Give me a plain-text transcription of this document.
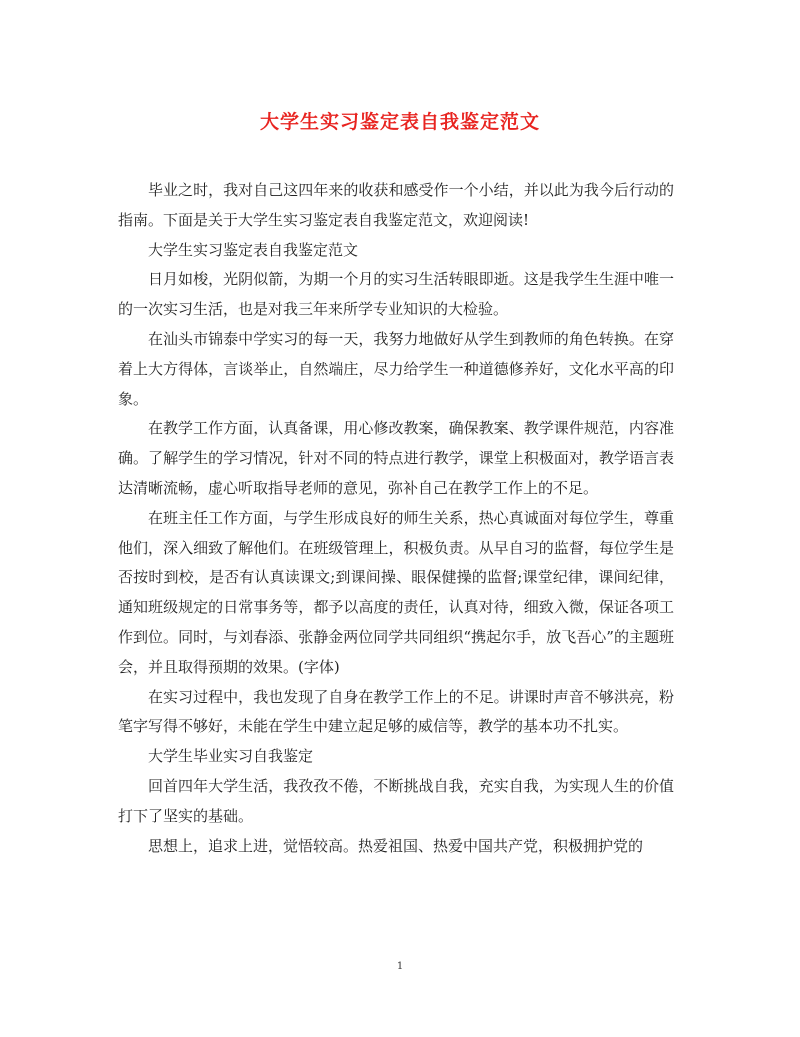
大学生实习鉴定表自我鉴定范文

毕业之时，我对自己这四年来的收获和感受作一个小结，并以此为我今后行动的指南。下面是关于大学生实习鉴定表自我鉴定范文，欢迎阅读!

大学生实习鉴定表自我鉴定范文

日月如梭，光阴似箭，为期一个月的实习生活转眼即逝。这是我学生生涯中唯一的一次实习生活，也是对我三年来所学专业知识的大检验。

在汕头市锦泰中学实习的每一天，我努力地做好从学生到教师的角色转换。在穿着上大方得体，言谈举止，自然端庄，尽力给学生一种道德修养好，文化水平高的印象。

在教学工作方面，认真备课，用心修改教案，确保教案、教学课件规范，内容准确。了解学生的学习情况，针对不同的特点进行教学，课堂上积极面对，教学语言表达清晰流畅，虚心听取指导老师的意见，弥补自己在教学工作上的不足。

在班主任工作方面，与学生形成良好的师生关系，热心真诚面对每位学生，尊重他们，深入细致了解他们。在班级管理上，积极负责。从早自习的监督，每位学生是否按时到校，是否有认真读课文;到课间操、眼保健操的监督;课堂纪律，课间纪律，通知班级规定的日常事务等，都予以高度的责任，认真对待，细致入微，保证各项工作到位。同时，与刘春添、张静金两位同学共同组织“携起尔手，放飞吾心”的主题班会，并且取得预期的效果。(字体)

在实习过程中，我也发现了自身在教学工作上的不足。讲课时声音不够洪亮，粉笔字写得不够好，未能在学生中建立起足够的威信等，教学的基本功不扎实。

大学生毕业实习自我鉴定

回首四年大学生活，我孜孜不倦，不断挑战自我，充实自我，为实现人生的价值打下了坚实的基础。

思想上，追求上进，觉悟较高。热爱祖国、热爱中国共产党，积极拥护党的

1
